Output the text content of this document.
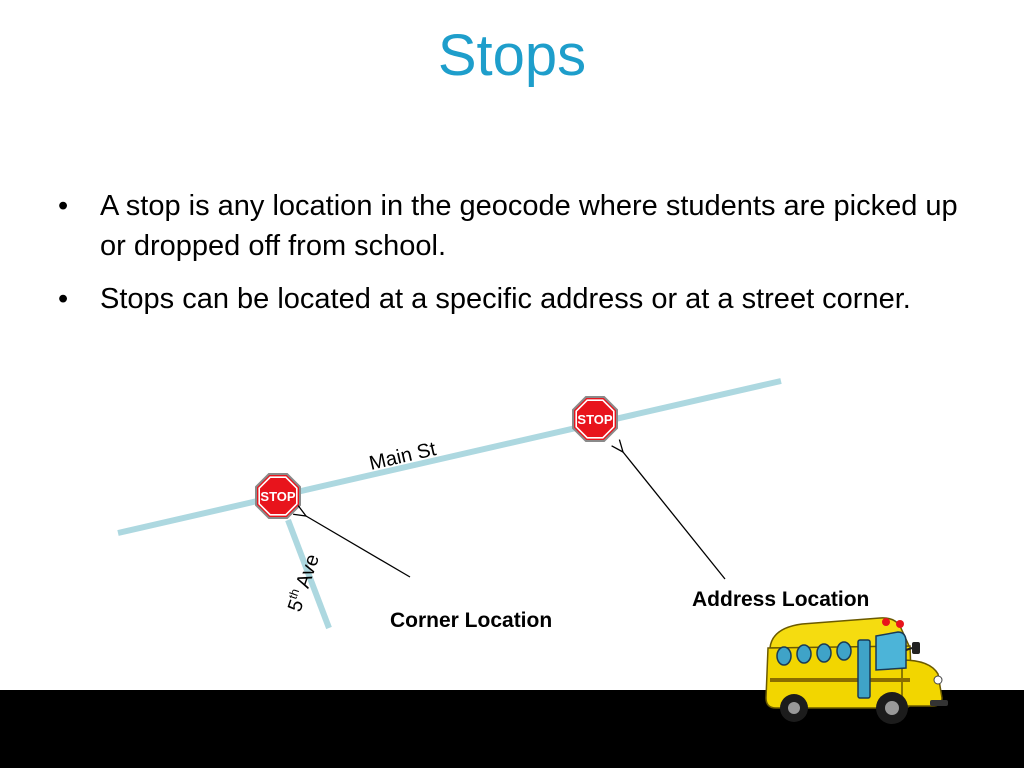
Stops
• A stop is any location in the geocode where students are picked up or dropped off from school.
• Stops can be located at a specific address or at a street corner.
Main St
5thAve
STOP
STOP
Corner Location
Address Location
